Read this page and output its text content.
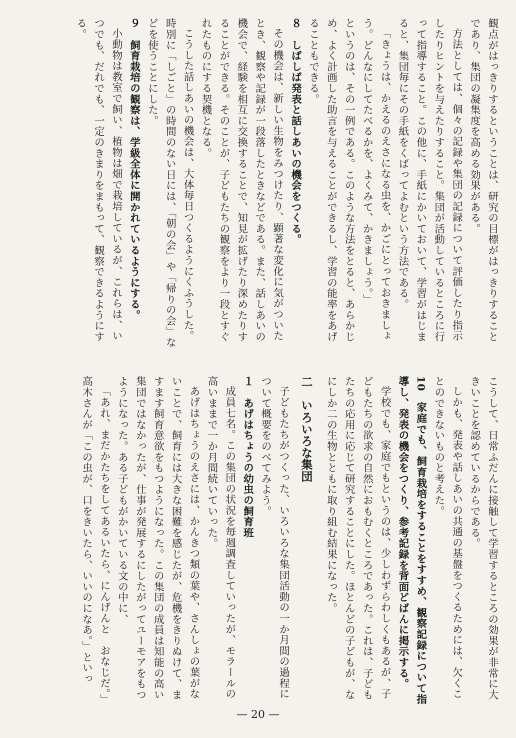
観点がはっきりするということは、研究の目標がはっきりすることであり、集団の凝集度を高める効果がある。

方法としては、個々の記録や集団の記録について評価したり指示したりヒントを与えたりすること。集団が活動しているところに行って指導すること。この他に、手紙にかいておいて、学習がはじまると、集団毎にその手紙をくばってよむという方法である。

「きょうは、かえるのえさになる虫を、かごにとっておきましょう。どんなにしてたべるかを、よくみて、かきましょう。」

というのは、その一例である。このような方法をとると、あらかじめ、よく計画した助言を与えることができるし、学習の能率をあげることもできる。

８　しばしば発表と話しあいの機会をつくる。

その機会は、新しい生物をみつけたり、顕著な変化に気がついたとき、観察や記録が一段落したときなどである。また、話しあいの機会で、経験を相互に交換することで、知見が拡げたり深めたりすることができる。そのことが、子どもたちの観察をより一段とすぐれたものにする契機となる。

こうした話しあいの機会は、大体毎日つくるようにくふうした。時別に「しごと」の時間のない日には、「朝の会」や「帰りの会」などを使うことにした。

９　飼育栽培の観察は、学級全体に開かれているようにする。

小動物は教室で飼い、植物は畑で栽培しているが、これらは、いつでも、だれでも、一定のきまりをまもって、観察できるようにする。

こうして、日常ふだんに接触して学習するところの効果が非常に大きいことを認めているからである。

しかも、発表や話しあいの共通の基盤をつくるためには、欠くことのできないものと考えた。

10　家庭でも、飼育栽培をすることをすすめ、観察記録について指導し、発表の機会をつくり、参考記録を背面どばんに掲示する。

学校でも、家庭でもというのは、少しわずらわしくもあるが、子どもたちの欲求の自然におもむくところであった。これは、子どもたちの応用に応じて研究することにした。ほとんどの子どもが、なにしか二の生物とともに取り組む結果になった。

二　いろいろな集団

子どもたちがつくった、いろいろな集団活動の一か月間の過程について概要をのべてみよう。

１　あげはちょうの幼虫の飼育班

成員七名。この集団の状況を毎週調査していったが、モラールの高いままで一か月間続いていった。

あげはちょうのえさには、かんきつ類の葉や、さんしょの葉がないことで、飼育には大きな困難を感じたが、危機をきりぬけて、ますます飼育意欲をもつようになった。この集団の成員は知能の高い集団ではなかったが、仕事が発展するにしたがってユーモアをもつようになった。ある子どもがかいている文の中に、

「あれ、まだかたちをしてあるいたら、にんげんと　おなじだ。」高木さんが「この虫が、口をきいたら、いいのになあ。」といっ

— 20 —
